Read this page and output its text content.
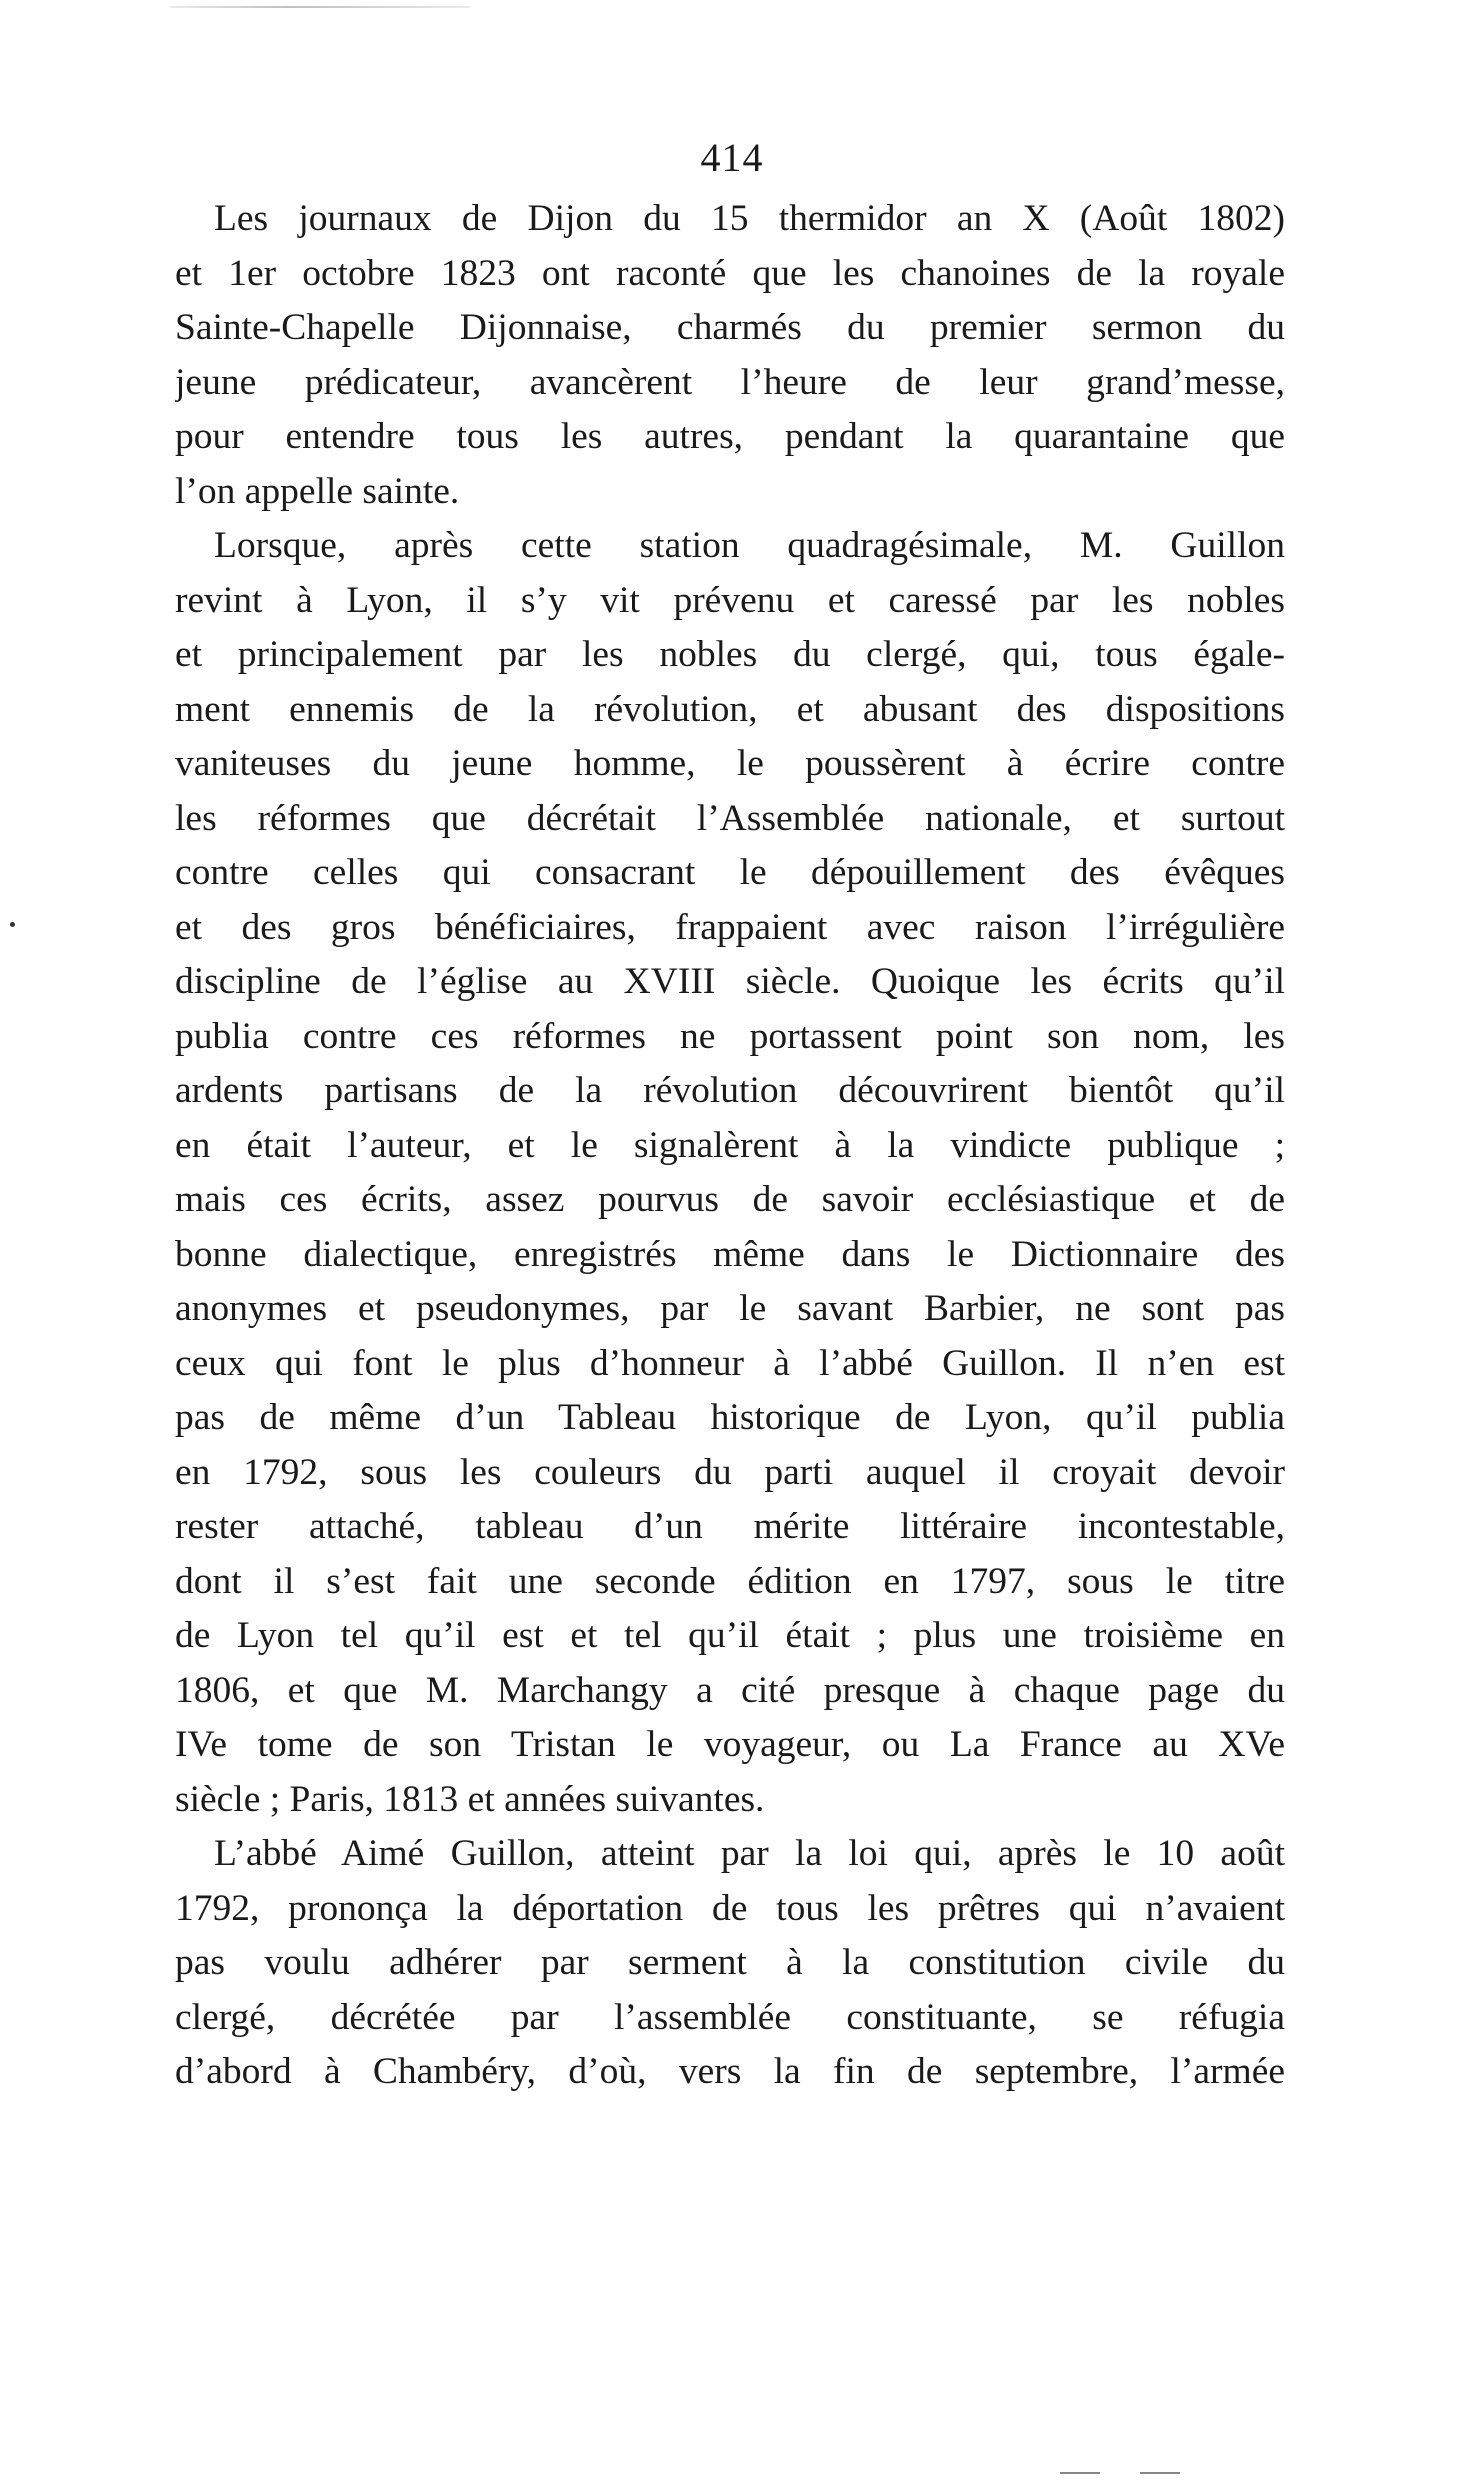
414
Les journaux de Dijon du 15 thermidor an X (Août 1802)
et 1er octobre 1823 ont raconté que les chanoines de la royale
Sainte-Chapelle Dijonnaise, charmés du premier sermon du
jeune prédicateur, avancèrent l’heure de leur grand’messe,
pour entendre tous les autres, pendant la quarantaine que
l’on appelle sainte.
Lorsque, après cette station quadragésimale, M. Guillon
revint à Lyon, il s’y vit prévenu et caressé par les nobles
et principalement par les nobles du clergé, qui, tous égale-
ment ennemis de la révolution, et abusant des dispositions
vaniteuses du jeune homme, le poussèrent à écrire contre
les réformes que décrétait l’Assemblée nationale, et surtout
contre celles qui consacrant le dépouillement des évêques
et des gros bénéficiaires, frappaient avec raison l’irrégulière
discipline de l’église au XVIII siècle. Quoique les écrits qu’il
publia contre ces réformes ne portassent point son nom, les
ardents partisans de la révolution découvrirent bientôt qu’il
en était l’auteur, et le signalèrent à la vindicte publique ;
mais ces écrits, assez pourvus de savoir ecclésiastique et de
bonne dialectique, enregistrés même dans le Dictionnaire des
anonymes et pseudonymes, par le savant Barbier, ne sont pas
ceux qui font le plus d’honneur à l’abbé Guillon. Il n’en est
pas de même d’un Tableau historique de Lyon, qu’il publia
en 1792, sous les couleurs du parti auquel il croyait devoir
rester attaché, tableau d’un mérite littéraire incontestable,
dont il s’est fait une seconde édition en 1797, sous le titre
de Lyon tel qu’il est et tel qu’il était ; plus une troisième en
1806, et que M. Marchangy a cité presque à chaque page du
IVe tome de son Tristan le voyageur, ou La France au XVe
siècle ; Paris, 1813 et années suivantes.
L’abbé Aimé Guillon, atteint par la loi qui, après le 10 août
1792, prononça la déportation de tous les prêtres qui n’avaient
pas voulu adhérer par serment à la constitution civile du
clergé, décrétée par l’assemblée constituante, se réfugia
d’abord à Chambéry, d’où, vers la fin de septembre, l’armée
